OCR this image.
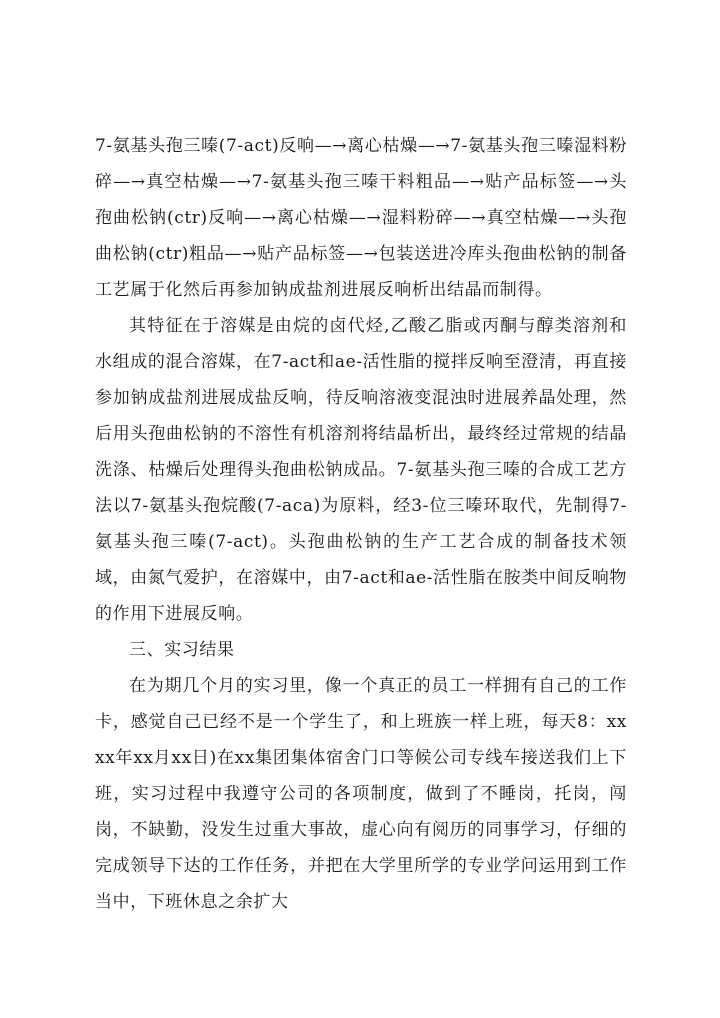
7-氨基头孢三嗪(7-act)反响—→离心枯燥—→7-氨基头孢三嗪湿料粉碎—→真空枯燥—→7-氨基头孢三嗪干料粗品—→贴产品标签—→头孢曲松钠(ctr)反响—→离心枯燥—→湿料粉碎—→真空枯燥—→头孢曲松钠(ctr)粗品—→贴产品标签—→包装送进冷库头孢曲松钠的制备工艺属于化然后再参加钠成盐剂进展反响析出结晶而制得。

其特征在于溶媒是由烷的卤代烃,乙酸乙脂或丙酮与醇类溶剂和水组成的混合溶媒，在7-act和ae-活性脂的搅拌反响至澄清，再直接参加钠成盐剂进展成盐反响，待反响溶液变混浊时进展养晶处理，然后用头孢曲松钠的不溶性有机溶剂将结晶析出，最终经过常规的结晶洗涤、枯燥后处理得头孢曲松钠成品。7-氨基头孢三嗪的合成工艺方法以7-氨基头孢烷酸(7-aca)为原料，经3-位三嗪环取代，先制得7-氨基头孢三嗪(7-act)。头孢曲松钠的生产工艺合成的制备技术领域，由氮气爱护，在溶媒中，由7-act和ae-活性脂在胺类中间反响物的作用下进展反响。

三、实习结果

在为期几个月的实习里，像一个真正的员工一样拥有自己的工作卡，感觉自己已经不是一个学生了，和上班族一样上班，每天8：xxxx年xx月xx日)在xx集团集体宿舍门口等候公司专线车接送我们上下班，实习过程中我遵守公司的各项制度，做到了不睡岗，托岗，闯岗，不缺勤，没发生过重大事故，虚心向有阅历的同事学习，仔细的完成领导下达的工作任务，并把在大学里所学的专业学问运用到工作当中，下班休息之余扩大
